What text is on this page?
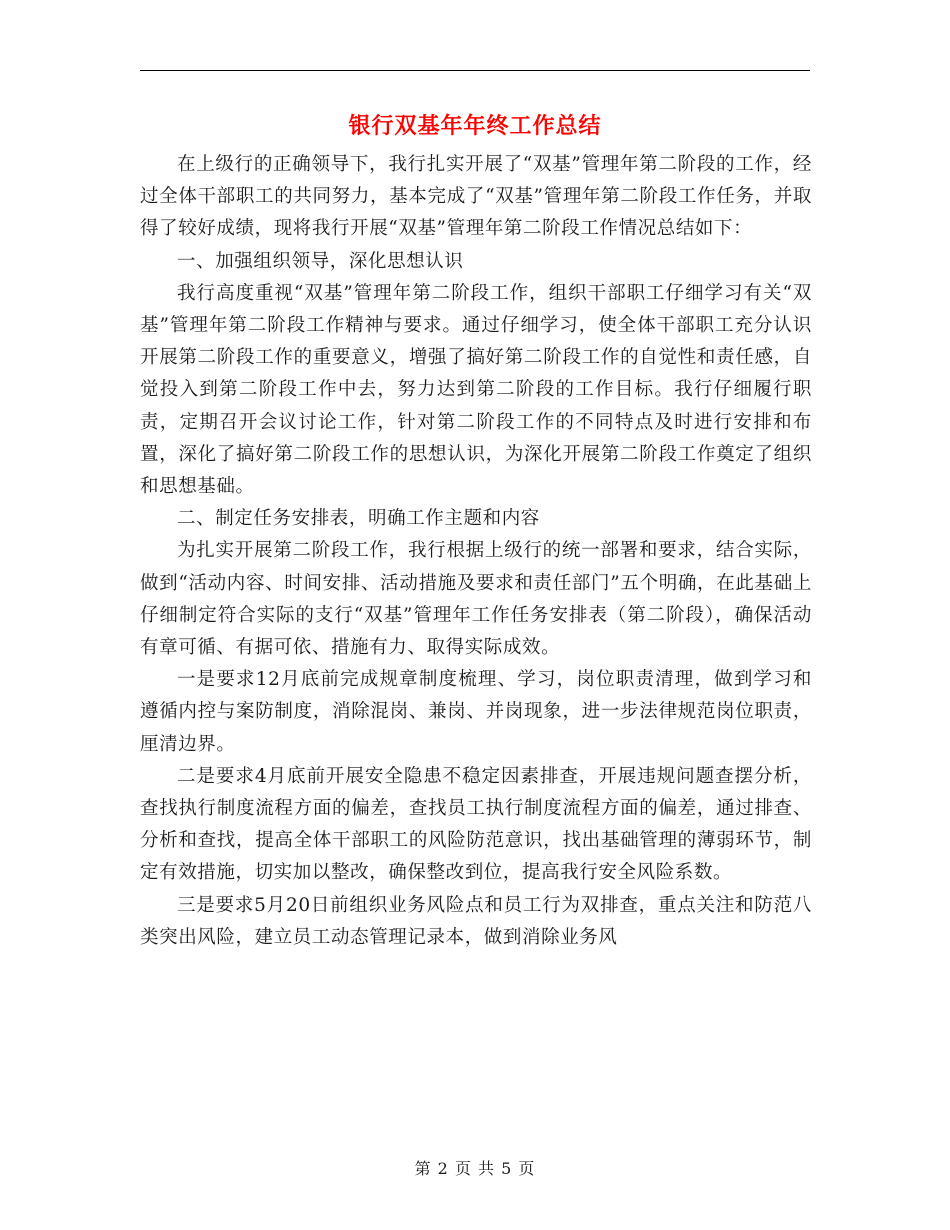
银行双基年年终工作总结

在上级行的正确领导下，我行扎实开展了“双基”管理年第二阶段的工作，经过全体干部职工的共同努力，基本完成了“双基”管理年第二阶段工作任务，并取得了较好成绩，现将我行开展“双基”管理年第二阶段工作情况总结如下：

一、加强组织领导，深化思想认识

我行高度重视“双基”管理年第二阶段工作，组织干部职工仔细学习有关“双基”管理年第二阶段工作精神与要求。通过仔细学习，使全体干部职工充分认识开展第二阶段工作的重要意义，增强了搞好第二阶段工作的自觉性和责任感，自觉投入到第二阶段工作中去，努力达到第二阶段的工作目标。我行仔细履行职责，定期召开会议讨论工作，针对第二阶段工作的不同特点及时进行安排和布置，深化了搞好第二阶段工作的思想认识，为深化开展第二阶段工作奠定了组织和思想基础。

二、制定任务安排表，明确工作主题和内容

为扎实开展第二阶段工作，我行根据上级行的统一部署和要求，结合实际，做到“活动内容、时间安排、活动措施及要求和责任部门”五个明确，在此基础上仔细制定符合实际的支行“双基”管理年工作任务安排表（第二阶段），确保活动有章可循、有据可依、措施有力、取得实际成效。

一是要求12月底前完成规章制度梳理、学习，岗位职责清理，做到学习和遵循内控与案防制度，消除混岗、兼岗、并岗现象，进一步法律规范岗位职责，厘清边界。

二是要求4月底前开展安全隐患不稳定因素排查，开展违规问题查摆分析，查找执行制度流程方面的偏差，查找员工执行制度流程方面的偏差，通过排查、分析和查找，提高全体干部职工的风险防范意识，找出基础管理的薄弱环节，制定有效措施，切实加以整改，确保整改到位，提高我行安全风险系数。

三是要求5月20日前组织业务风险点和员工行为双排查，重点关注和防范八类突出风险，建立员工动态管理记录本，做到消除业务风

第 2 页 共 5 页
